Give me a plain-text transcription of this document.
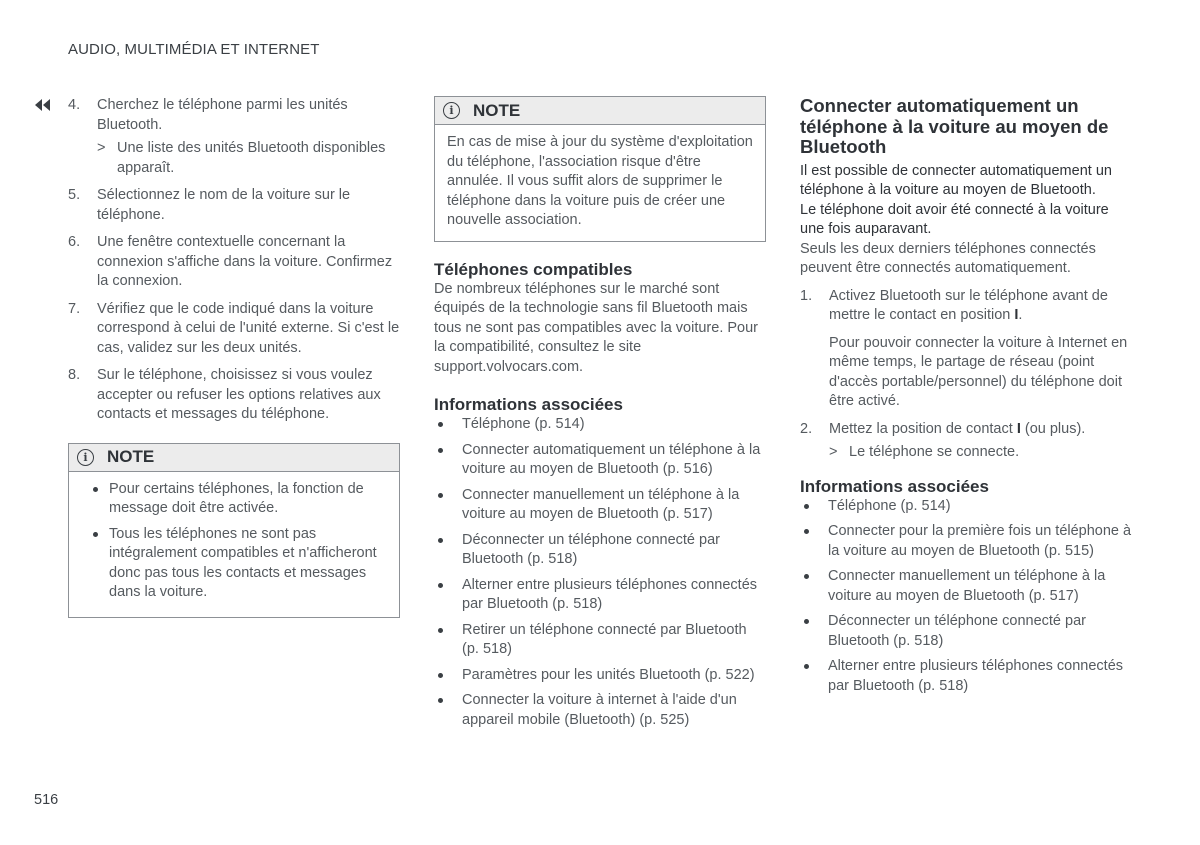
AUDIO, MULTIMÉDIA ET INTERNET
4. Cherchez le téléphone parmi les unités Bluetooth.
> Une liste des unités Bluetooth disponibles apparaît.
5. Sélectionnez le nom de la voiture sur le téléphone.
6. Une fenêtre contextuelle concernant la connexion s'affiche dans la voiture. Confirmez la connexion.
7. Vérifiez que le code indiqué dans la voiture correspond à celui de l'unité externe. Si c'est le cas, validez sur les deux unités.
8. Sur le téléphone, choisissez si vous voulez accepter ou refuser les options relatives aux contacts et messages du téléphone.
i	NOTE
Pour certains téléphones, la fonction de message doit être activée.
Tous les téléphones ne sont pas intégralement compatibles et n'afficheront donc pas tous les contacts et messages dans la voiture.
i	NOTE
En cas de mise à jour du système d'exploitation du téléphone, l'association risque d'être annulée. Il vous suffit alors de supprimer le téléphone dans la voiture puis de créer une nouvelle association.
Téléphones compatibles
De nombreux téléphones sur le marché sont équipés de la technologie sans fil Bluetooth mais tous ne sont pas compatibles avec la voiture. Pour la compatibilité, consultez le site support.volvocars.com.
Informations associées
Téléphone (p. 514)
Connecter automatiquement un téléphone à la voiture au moyen de Bluetooth (p. 516)
Connecter manuellement un téléphone à la voiture au moyen de Bluetooth (p. 517)
Déconnecter un téléphone connecté par Bluetooth (p. 518)
Alterner entre plusieurs téléphones connectés par Bluetooth (p. 518)
Retirer un téléphone connecté par Bluetooth (p. 518)
Paramètres pour les unités Bluetooth (p. 522)
Connecter la voiture à internet à l'aide d'un appareil mobile (Bluetooth) (p. 525)
Connecter automatiquement un téléphone à la voiture au moyen de Bluetooth
Il est possible de connecter automatiquement un téléphone à la voiture au moyen de Bluetooth.
Le téléphone doit avoir été connecté à la voiture une fois auparavant.
Seuls les deux derniers téléphones connectés peuvent être connectés automatiquement.
1. Activez Bluetooth sur le téléphone avant de mettre le contact en position I.
Pour pouvoir connecter la voiture à Internet en même temps, le partage de réseau (point d'accès portable/personnel) du téléphone doit être activé.
2. Mettez la position de contact I (ou plus).
> Le téléphone se connecte.
Informations associées
Téléphone (p. 514)
Connecter pour la première fois un téléphone à la voiture au moyen de Bluetooth (p. 515)
Connecter manuellement un téléphone à la voiture au moyen de Bluetooth (p. 517)
Déconnecter un téléphone connecté par Bluetooth (p. 518)
Alterner entre plusieurs téléphones connectés par Bluetooth (p. 518)
516
